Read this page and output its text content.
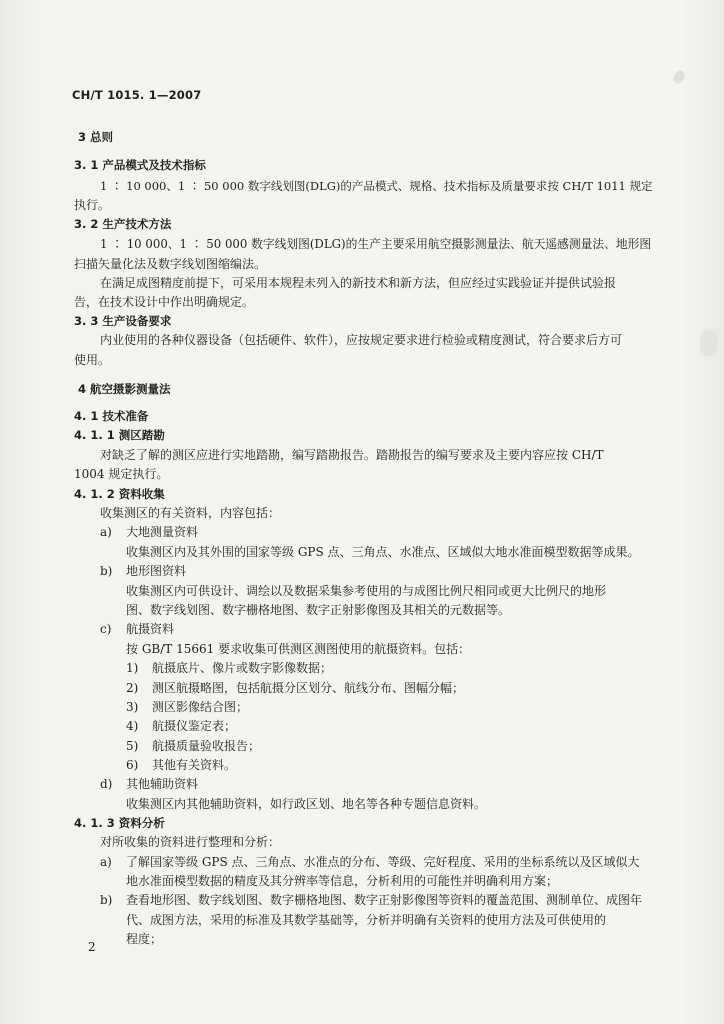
CH/T 1015. 1—2007
3 总则
3. 1 产品模式及技术指标
1 ∶ 10 000、1 ∶ 50 000 数字线划图(DLG)的产品模式、规格、技术指标及质量要求按 CH/T 1011 规定
执行。
3. 2 生产技术方法
1 ∶ 10 000、1 ∶ 50 000 数字线划图(DLG)的生产主要采用航空摄影测量法、航天遥感测量法、地形图
扫描矢量化法及数字线划图缩编法。
在满足成图精度前提下，可采用本规程未列入的新技术和新方法，但应经过实践验证并提供试验报
告，在技术设计中作出明确规定。
3. 3 生产设备要求
内业使用的各种仪器设备（包括硬件、软件），应按规定要求进行检验或精度测试，符合要求后方可
使用。
4 航空摄影测量法
4. 1 技术准备
4. 1. 1 测区踏勘
对缺乏了解的测区应进行实地踏勘，编写踏勘报告。踏勘报告的编写要求及主要内容应按 CH/T
1004 规定执行。
4. 1. 2 资料收集
收集测区的有关资料，内容包括：
a) 大地测量资料
收集测区内及其外围的国家等级 GPS 点、三角点、水准点、区域似大地水准面模型数据等成果。
b) 地形图资料
收集测区内可供设计、调绘以及数据采集参考使用的与成图比例尺相同或更大比例尺的地形
图、数字线划图、数字栅格地图、数字正射影像图及其相关的元数据等。
c) 航摄资料
按 GB/T 15661 要求收集可供测区测图使用的航摄资料。包括：
1) 航摄底片、像片或数字影像数据；
2) 测区航摄略图，包括航摄分区划分、航线分布、图幅分幅；
3) 测区影像结合图；
4) 航摄仪鉴定表；
5) 航摄质量验收报告；
6) 其他有关资料。
d) 其他辅助资料
收集测区内其他辅助资料，如行政区划、地名等各种专题信息资料。
4. 1. 3 资料分析
对所收集的资料进行整理和分析：
a) 了解国家等级 GPS 点、三角点、水准点的分布、等级、完好程度、采用的坐标系统以及区域似大
地水准面模型数据的精度及其分辨率等信息，分析利用的可能性并明确利用方案；
b) 查看地形图、数字线划图、数字栅格地图、数字正射影像图等资料的覆盖范围、测制单位、成图年
代、成图方法，采用的标准及其数学基础等，分析并明确有关资料的使用方法及可供使用的
程度；
2
